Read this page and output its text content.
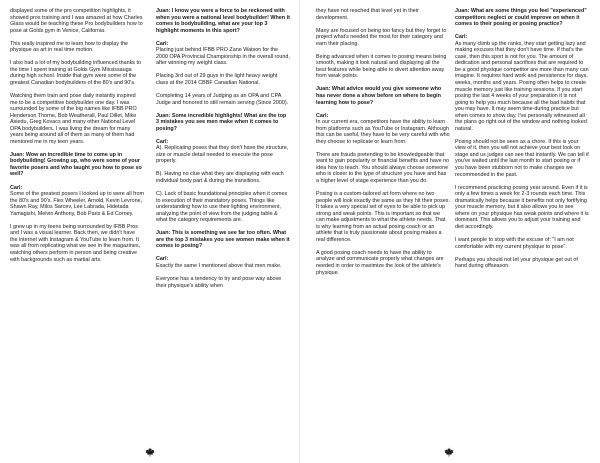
displayed some of the pro competition highlights, it showed pros training and I was amazed at how Charles Glass would be teaching these Pro bodybuilders how to pose at Golds gym in Venice, California.

This really inspired me to learn how to display the physique as art in real time motion.

I also had a lot of my bodybuilding influenced thanks to the time I spent training at Golds Gym Mississauga during high school. Inside that gym were some of the greatest Canadian bodybuilders of the 80's and 90's.

Watching them train and pose daily instantly inspired me to be a competitive bodybuilder one day. I was surrounded by some of the big names like IFBB PRO Henderson Thorne, Bob Weatherall, Paul Dillet, Mike Asiedu, Greg Kovacs and many other National Level OPA bodybuilders. I was living the dream for many years being around all of them as many of them had mentored me in my teen years.

Juan: Wow an incredible time to come up in bodybuilding! Growing up, who were some of your favorite posers and who taught you how to pose so well?

Carl:

Some of the greatest posers I looked up to were all from the 80's and 90's. Flex Wheeler, Arnold, Kevin Levrone, Shawn Ray, Milos Sarcev, Lee Labrada, Hidetada Yamagishi, Melvin Anthony, Bob Paris & Ed Corney.

I grew up in my teens being surrounded by IFBB Pros and I was a visual learner. Back then, we didn't have the internet with Instagram & YouTube to learn from. It was all from replicating what we see in the magazines, watching others perform in person and being creative with backgrounds such as martial arts.

Juan: I know you were a force to be reckoned with when you were a national level bodybuilder! When it comes to bodybuilding, what are your top 3 highlight moments in this sport?

Carl:

Placing just behind IFBB PRO Zane Watson for the 2000 OPA Provincial Championship in the overall round, after winning my weight class.

Placing 3rd out of 29 guys in the light heavy weight class at the 2014 CBBF Canadian National.

Completing 14 years of Judging as an OPA and CPA Judge and honored to still remain serving (Since 2000).

Juan: Some incredible highlights! What are the top 3 mistakes you see men make when it comes to posing?

Carl:

A). Replicating poses that they don't have the structure, size or muscle detail needed to execute the pose properly.

B). Having no clue what they are displaying with each individual body part & during the transitions.

C). Lack of basic foundational principles when it comes to execution of their mandatory poses. Things like understanding how to use their lighting environment, analyzing the point of view from the judging table & what the category requirements are.

Juan: This is something we see far too often. What are the top 3 mistakes you see women make when it comes to posing?

Carl:

Exactly the same I mentioned above that men make.

Everyone has a tendency to try and pose way above their physique's ability when

they have not reached that level yet in their development.

Many are focused on being too fancy but they forget to project what's needed the most for their category and earn their placing.

Being advanced when it comes to posing means being smooth, making it look natural and displaying all the best features while being able to divert attention away from weak points.

Juan: What advice would you give someone who has never done a show before on where to begin learning how to pose?

Carl:

In our current era, competitors have the ability to learn from platforms such as YouTube or Instagram. Although this can be useful, they have to be very careful with who they choose to replicate or learn from.

There are frauds pretending to be knowledgeable that want to gain popularity or financial benefits and have no idea how to teach. You should always choose someone who is closer to the type of structure you have and has a higher level of stage experience than you do.

Posing is a custom-tailored art form where no two people will look exactly the same as they hit their poses. It takes a very special set of eyes to be able to pick up strong and weak points. This is important so that we can make adjustments to what the athlete needs. That is why learning from an actual posing coach or an athlete that is truly passionate about posing makes a real difference.

A good posing coach needs to have the ability to analyze and communicate properly what changes are needed in order to maximize the look of the athlete's physique.

Juan: What are some things you feel "experienced" competitors neglect or could improve on when it comes to their posing or posing practice?

Carl:

As many climb up the ranks, they start getting lazy and making excuses that they don't have time. If that's the case, then this sport is not for you. The amount of dedication and personal sacrifices that are required to be a good physique competitor are more than many can imagine. It requires hard work and persistence for days, weeks, months and years. Posing often helps to create muscle memory just like training sessions. If you start posing the last 4 weeks of your preparation it is not going to help you much because all the bad habits that you may have. It may seem time-during practice but when comes to show day, I've personally witnessed all the plans go right out of the window and nothing looked natural.

Posing should not be seen as a chore. If this is your view of it, then you will not achieve your best look on stage and us judges can see that instantly. We can tell if you've waited until the last month to start posing or if you have been stubborn not to make changes we recommended in the past.

I recommend practicing posing year around. Even if it is only a few times a week for 2-3 rounds each time. This dramatically helps because it benefits not only fortifying your muscle memory, but it also allows you to see where on your physique has weak points and where it is dominant. This allows you to adjust your training and diet accordingly.

I want people to stop with the excuse of: "I am not comfortable with my current physique to pose".

Perhaps you should not let your physique get out of hand during offseason.
